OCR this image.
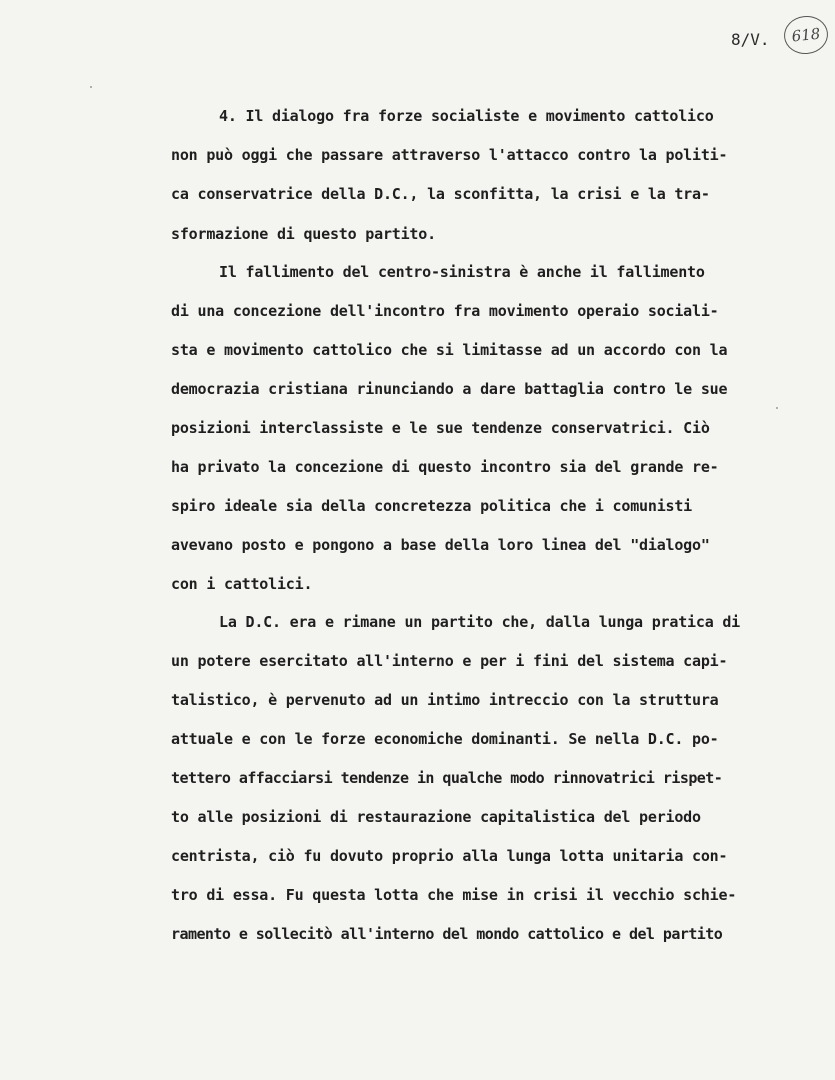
8/V.	618
4. Il dialogo fra forze socialiste e movimento cattolico
non può oggi che passare attraverso l'attacco contro la politi-
ca conservatrice della D.C., la sconfitta, la crisi e la tra-
sformazione di questo partito.
Il fallimento del centro-sinistra è anche il fallimento
di una concezione dell'incontro fra movimento operaio sociali-
sta e movimento cattolico che si limitasse ad un accordo con la
democrazia cristiana rinunciando a dare battaglia contro le sue
posizioni interclassiste e le sue tendenze conservatrici. Ciò
ha privato la concezione di questo incontro sia del grande re-
spiro ideale sia della concretezza politica che i comunisti
avevano posto e pongono a base della loro linea del "dialogo"
con i cattolici.
La D.C. era e rimane un partito che, dalla lunga pratica di
un potere esercitato all'interno e per i fini del sistema capi-
talistico, è pervenuto ad un intimo intreccio con la struttura
attuale e con le forze economiche dominanti. Se nella D.C. po-
tettero affacciarsi tendenze in qualche modo rinnovatrici rispet-
to alle posizioni di restaurazione capitalistica del periodo
centrista, ciò fu dovuto proprio alla lunga lotta unitaria con-
tro di essa. Fu questa lotta che mise in crisi il vecchio schie-
ramento e sollecitò all'interno del mondo cattolico e del partito
